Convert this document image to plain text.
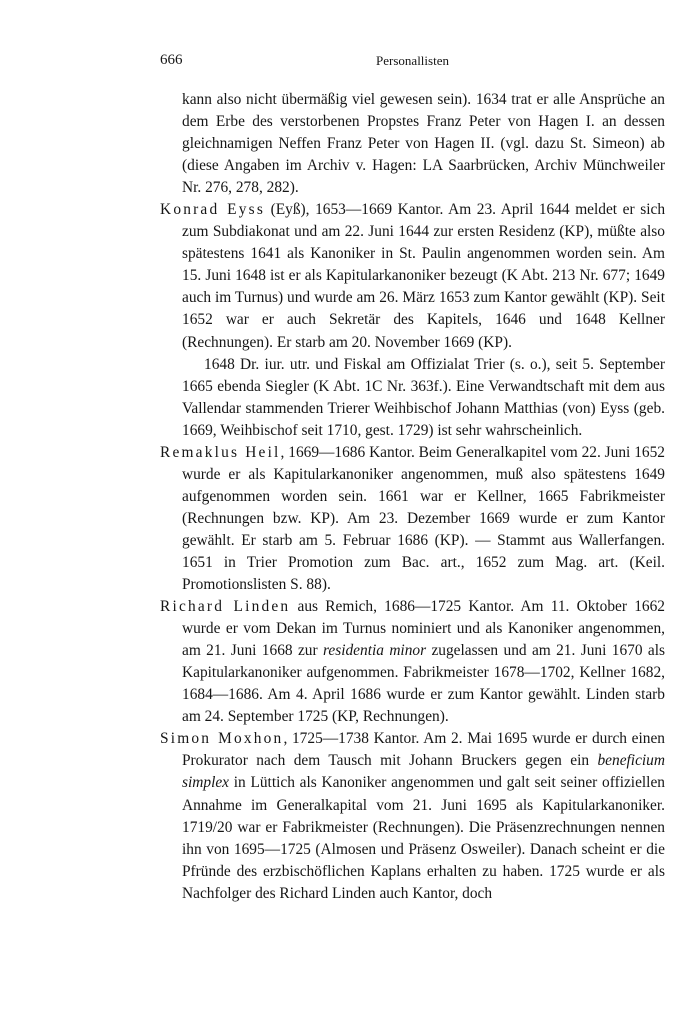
666	Personallisten

kann also nicht übermäßig viel gewesen sein). 1634 trat er alle Ansprüche an dem Erbe des verstorbenen Propstes Franz Peter von Hagen I. an dessen gleichnamigen Neffen Franz Peter von Hagen II. (vgl. dazu St. Simeon) ab (diese Angaben im Archiv v. Hagen: LA Saarbrücken, Archiv Münchweiler Nr. 276, 278, 282).

Konrad Eyss (Eyß), 1653—1669 Kantor. Am 23. April 1644 meldet er sich zum Subdiakonat und am 22. Juni 1644 zur ersten Residenz (KP), müßte also spätestens 1641 als Kanoniker in St. Paulin angenommen worden sein. Am 15. Juni 1648 ist er als Kapitularkanoniker bezeugt (K Abt. 213 Nr. 677; 1649 auch im Turnus) und wurde am 26. März 1653 zum Kantor gewählt (KP). Seit 1652 war er auch Sekretär des Kapitels, 1646 und 1648 Kellner (Rechnungen). Er starb am 20. November 1669 (KP).

1648 Dr. iur. utr. und Fiskal am Offizialat Trier (s. o.), seit 5. September 1665 ebenda Siegler (K Abt. 1C Nr. 363f.). Eine Verwandtschaft mit dem aus Vallendar stammenden Trierer Weihbischof Johann Matthias (von) Eyss (geb. 1669, Weihbischof seit 1710, gest. 1729) ist sehr wahrscheinlich.

Remaklus Heil, 1669—1686 Kantor. Beim Generalkapitel vom 22. Juni 1652 wurde er als Kapitularkanoniker angenommen, muß also spätestens 1649 aufgenommen worden sein. 1661 war er Kellner, 1665 Fabrikmeister (Rechnungen bzw. KP). Am 23. Dezember 1669 wurde er zum Kantor gewählt. Er starb am 5. Februar 1686 (KP). — Stammt aus Wallerfangen. 1651 in Trier Promotion zum Bac. art., 1652 zum Mag. art. (Keil. Promotionslisten S. 88).

Richard Linden aus Remich, 1686—1725 Kantor. Am 11. Oktober 1662 wurde er vom Dekan im Turnus nominiert und als Kanoniker angenommen, am 21. Juni 1668 zur residentia minor zugelassen und am 21. Juni 1670 als Kapitularkanoniker aufgenommen. Fabrikmeister 1678—1702, Kellner 1682, 1684—1686. Am 4. April 1686 wurde er zum Kantor gewählt. Linden starb am 24. September 1725 (KP, Rechnungen).

Simon Moxhon, 1725—1738 Kantor. Am 2. Mai 1695 wurde er durch einen Prokurator nach dem Tausch mit Johann Bruckers gegen ein beneficium simplex in Lüttich als Kanoniker angenommen und galt seit seiner offiziellen Annahme im Generalkapital vom 21. Juni 1695 als Kapitularkanoniker. 1719/20 war er Fabrikmeister (Rechnungen). Die Präsenzrechnungen nennen ihn von 1695—1725 (Almosen und Präsenz Osweiler). Danach scheint er die Pfründe des erzbischöflichen Kaplans erhalten zu haben. 1725 wurde er als Nachfolger des Richard Linden auch Kantor, doch
